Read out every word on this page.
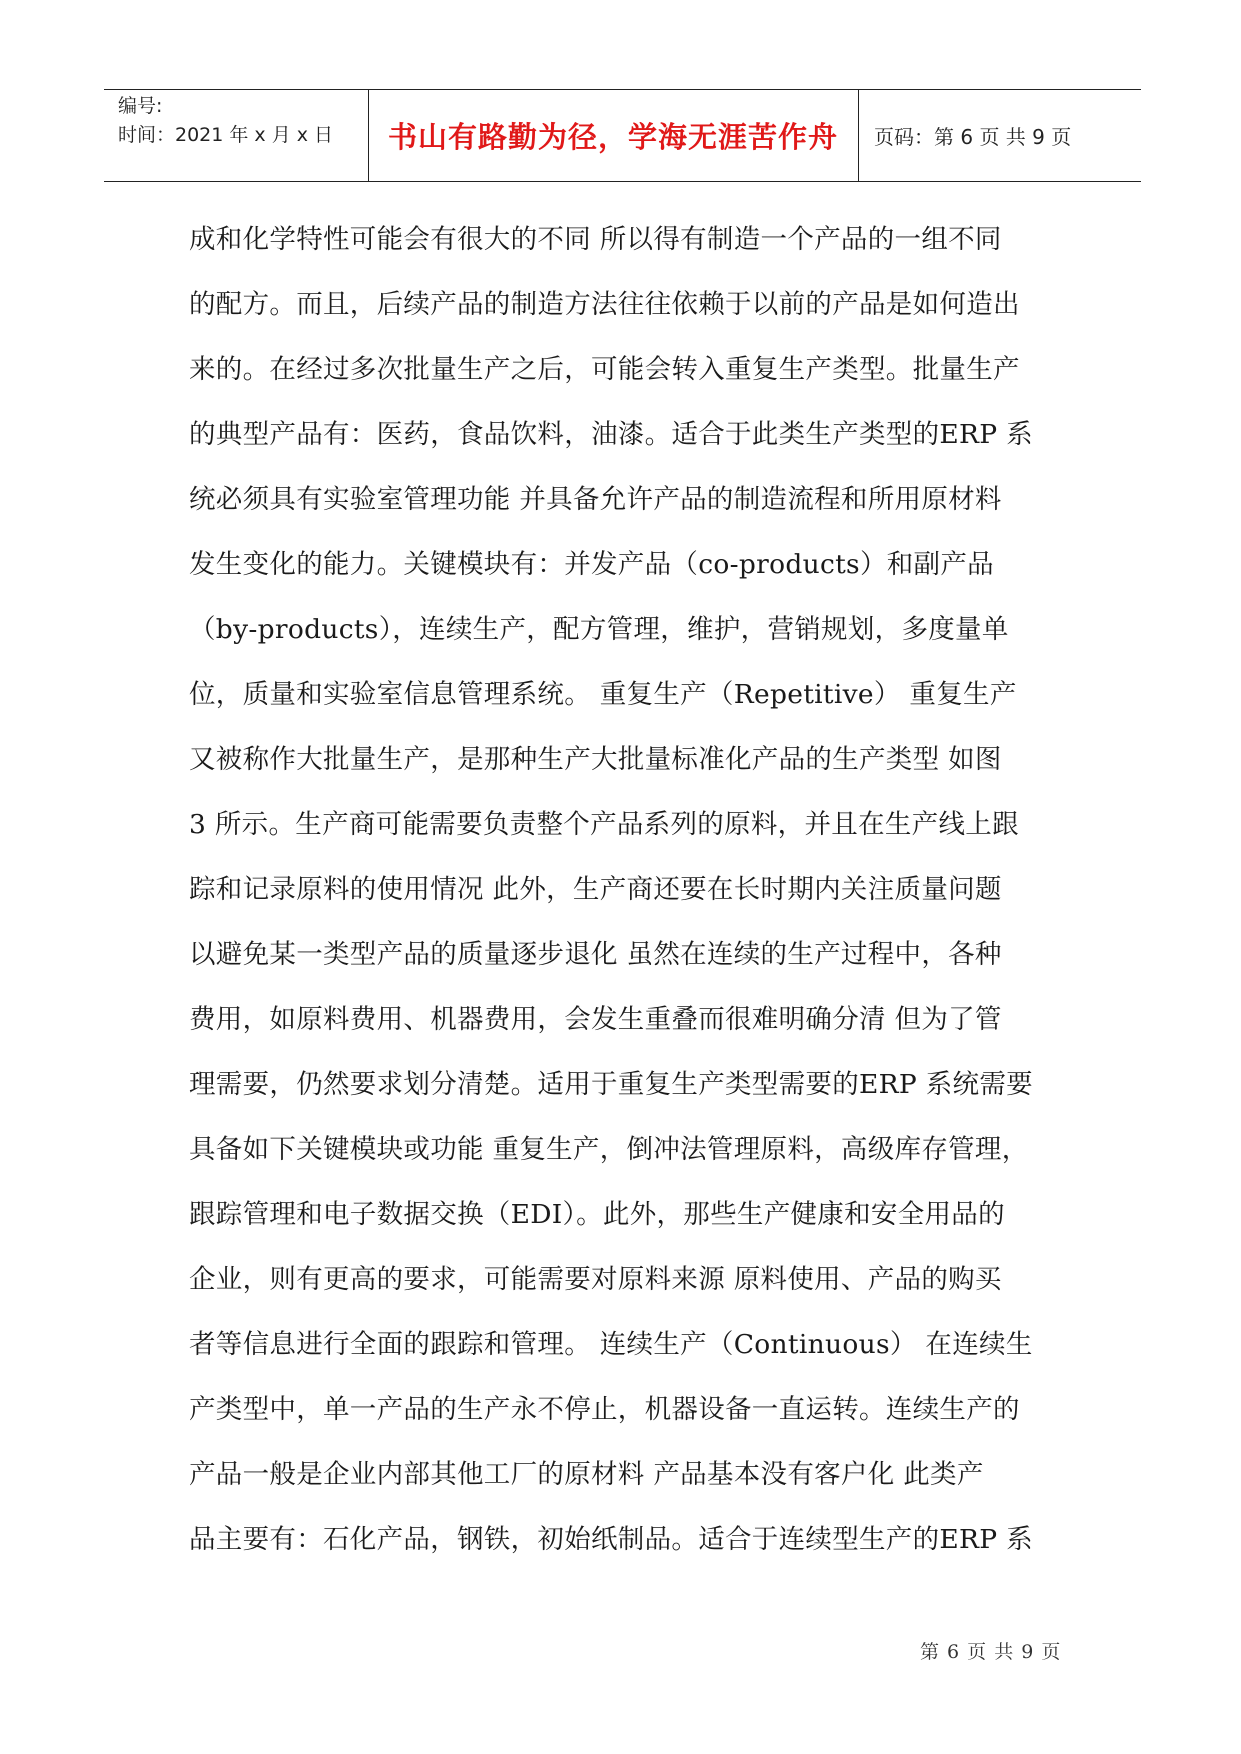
编号:
时间：2021 年 x 月 x 日	书山有路勤为径，学海无涯苦作舟	页码：第 6 页 共 9 页
成和化学特性可能会有很大的不同 所以得有制造一个产品的一组不同
的配方。而且，后续产品的制造方法往往依赖于以前的产品是如何造出
来的。在经过多次批量生产之后，可能会转入重复生产类型。批量生产
的典型产品有：医药，食品饮料，油漆。适合于此类生产类型的ERP 系
统必须具有实验室管理功能 并具备允许产品的制造流程和所用原材料
发生变化的能力。关键模块有：并发产品（co-products）和副产品
（by-products），连续生产，配方管理，维护，营销规划，多度量单
位，质量和实验室信息管理系统。 重复生产（Repetitive） 重复生产
又被称作大批量生产，是那种生产大批量标准化产品的生产类型 如图
3 所示。生产商可能需要负责整个产品系列的原料，并且在生产线上跟
踪和记录原料的使用情况 此外，生产商还要在长时期内关注质量问题
以避免某一类型产品的质量逐步退化 虽然在连续的生产过程中，各种
费用，如原料费用、机器费用，会发生重叠而很难明确分清 但为了管
理需要，仍然要求划分清楚。适用于重复生产类型需要的ERP 系统需要
具备如下关键模块或功能 重复生产，倒冲法管理原料，高级库存管理，
跟踪管理和电子数据交换（EDI）。此外，那些生产健康和安全用品的
企业，则有更高的要求，可能需要对原料来源 原料使用、产品的购买
者等信息进行全面的跟踪和管理。 连续生产（Continuous） 在连续生
产类型中，单一产品的生产永不停止，机器设备一直运转。连续生产的
产品一般是企业内部其他工厂的原材料 产品基本没有客户化 此类产
品主要有：石化产品，钢铁，初始纸制品。适合于连续型生产的ERP 系
第 6 页 共 9 页
